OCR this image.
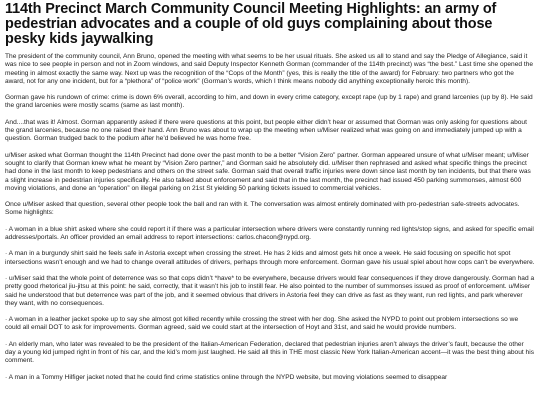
114th Precinct March Community Council Meeting Highlights: an army of pedestrian advocates and a couple of old guys complaining about those pesky kids jaywalking

The president of the community council, Ann Bruno, opened the meeting with what seems to be her usual rituals. She asked us all to stand and say the Pledge of Allegiance, said it was nice to see people in person and not in Zoom windows, and said Deputy Inspector Kenneth Gorman (commander of the 114th precinct) was “the best.” Last time she opened the meeting in almost exactly the same way. Next up was the recognition of the “Cops of the Month” (yes, this is really the title of the award) for February: two partners who got the award, not for any one incident, but for a “plethora” of “police work” (Gorman’s words, which I think means nobody did anything exceptionally heroic this month).

Gorman gave his rundown of crime: crime is down 6% overall, according to him, and down in every crime category, except rape (up by 1 rape) and grand larcenies (up by 8). He said the grand larcenies were mostly scams (same as last month).

And....that was it! Almost. Gorman apparently asked if there were questions at this point, but people either didn’t hear or assumed that Gorman was only asking for questions about the grand larcenies, because no one raised their hand. Ann Bruno was about to wrap up the meeting when u/Miser realized what was going on and immediately jumped up with a question. Gorman trudged back to the podium after he’d believed he was home free.

u/Miser asked what Gorman thought the 114th Precinct had done over the past month to be a better “Vision Zero” partner. Gorman appeared unsure of what u/Miser meant; u/Miser sought to clarify that Gorman knew what he meant by “Vision Zero partner,” and Gorman said he absolutely did. u/Miser then rephrased and asked what specific things the precinct had done in the last month to keep pedestrians and others on the street safe. Gorman said that overall traffic injuries were down since last month by ten incidents, but that there was a slight increase in pedestrian injuries specifically. He also talked about enforcement and said that in the last month, the precinct had issued 450 parking summonses, almost 600 moving violations, and done an “operation” on illegal parking on 21st St yielding 50 parking tickets issued to commercial vehicles.

Once u/Miser asked that question, several other people took the ball and ran with it. The conversation was almost entirely dominated with pro-pedestrian safe-streets advocates. Some highlights:

· A woman in a blue shirt asked where she could report it if there was a particular intersection where drivers were constantly running red lights/stop signs, and asked for specific email addresses/portals. An officer provided an email address to report intersections: carlos.chacon@nypd.org.

· A man in a burgundy shirt said he feels safe in Astoria except when crossing the street. He has 2 kids and almost gets hit once a week. He said focusing on specific hot spot intersections wasn’t enough and we had to change overall attitudes of drivers, perhaps through more enforcement. Gorman gave his usual spiel about how cops can’t be everywhere.

· u/Miser said that the whole point of deterrence was so that cops didn’t *have* to be everywhere, because drivers would fear consequences if they drove dangerously. Gorman had a pretty good rhetorical jiu-jitsu at this point: he said, correctly, that it wasn’t his job to instill fear. He also pointed to the number of summonses issued as proof of enforcement. u/Miser said he understood that but deterrence was part of the job, and it seemed obvious that drivers in Astoria feel they can drive as fast as they want, run red lights, and park wherever they want, with no consequences.

· A woman in a leather jacket spoke up to say she almost got killed recently while crossing the street with her dog. She asked the NYPD to point out problem intersections so we could all email DOT to ask for improvements. Gorman agreed, said we could start at the intersection of Hoyt and 31st, and said he would provide numbers.

· An elderly man, who later was revealed to be the president of the Italian-American Federation, declared that pedestrian injuries aren’t always the driver’s fault, because the other day a young kid jumped right in front of his car, and the kid’s mom just laughed. He said all this in THE most classic New York Italian-American accent—it was the best thing about his comment.

· A man in a Tommy Hilfiger jacket noted that he could find crime statistics online through the NYPD website, but moving violations seemed to disappear
